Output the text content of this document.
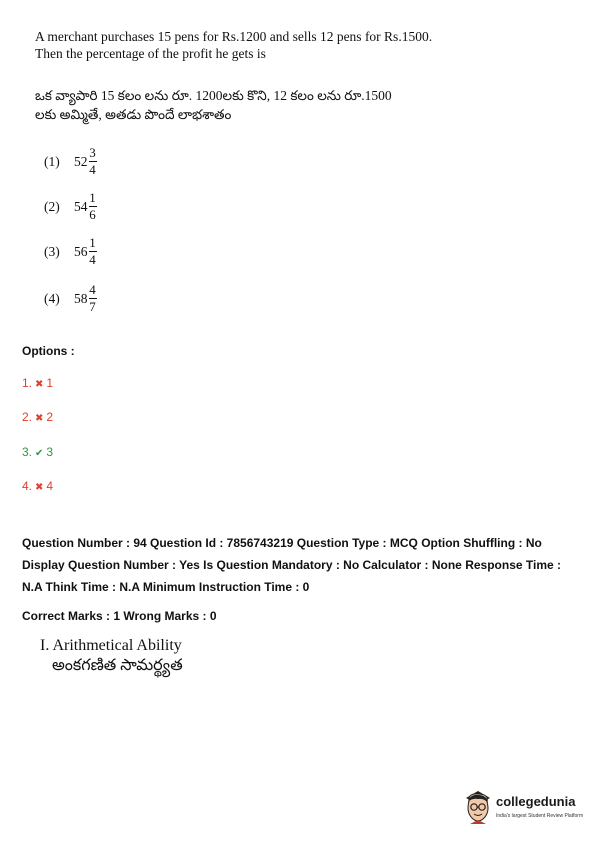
A merchant purchases 15 pens for Rs.1200 and sells 12 pens for Rs.1500.
Then the percentage of the profit he gets is
ఒక వ్యాపారి 15 కలం లను రూ. 1200లకు కొని, 12 కలం లను రూ.1500
లకు అమ్మితే, అతడు పొందే లాభశాతం
(1)	$52 \frac{3}{4}$
(2)	$54 \frac{1}{6}$
(3)	$56 \frac{1}{4}$
(4)	$58 \frac{4}{7}$
Options :
1. ✖ 1
2. ✖ 2
3. ✔ 3
4. ✖ 4
Question Number : 94 Question Id : 7856743219 Question Type : MCQ Option Shuffling : No Display Question Number : Yes Is Question Mandatory : No Calculator : None Response Time : N.A Think Time : N.A Minimum Instruction Time : 0
Correct Marks : 1 Wrong Marks : 0
I. Arithmetical Ability
అంకగణిత సామర్థ్యత
collegedunia
India's largest Student Review Platform
